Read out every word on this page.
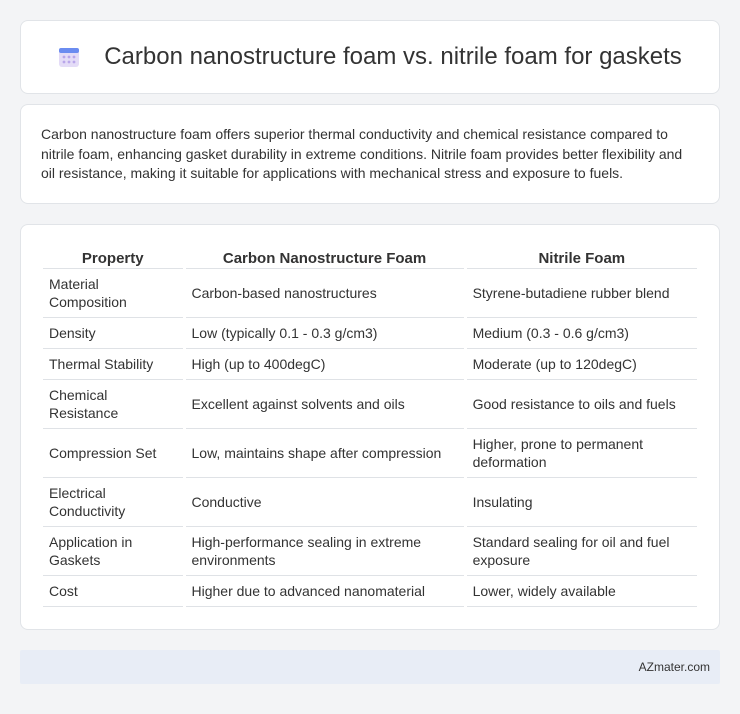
Carbon nanostructure foam vs. nitrile foam for gaskets

Carbon nanostructure foam offers superior thermal conductivity and chemical resistance compared to nitrile foam, enhancing gasket durability in extreme conditions. Nitrile foam provides better flexibility and oil resistance, making it suitable for applications with mechanical stress and exposure to fuels.

Property	Carbon Nanostructure Foam	Nitrile Foam
Material Composition	Carbon-based nanostructures	Styrene-butadiene rubber blend
Density	Low (typically 0.1 - 0.3 g/cm3)	Medium (0.3 - 0.6 g/cm3)
Thermal Stability	High (up to 400degC)	Moderate (up to 120degC)
Chemical Resistance	Excellent against solvents and oils	Good resistance to oils and fuels
Compression Set	Low, maintains shape after compression	Higher, prone to permanent deformation
Electrical Conductivity	Conductive	Insulating
Application in Gaskets	High-performance sealing in extreme environments	Standard sealing for oil and fuel exposure
Cost	Higher due to advanced nanomaterial	Lower, widely available
AZmater.com
